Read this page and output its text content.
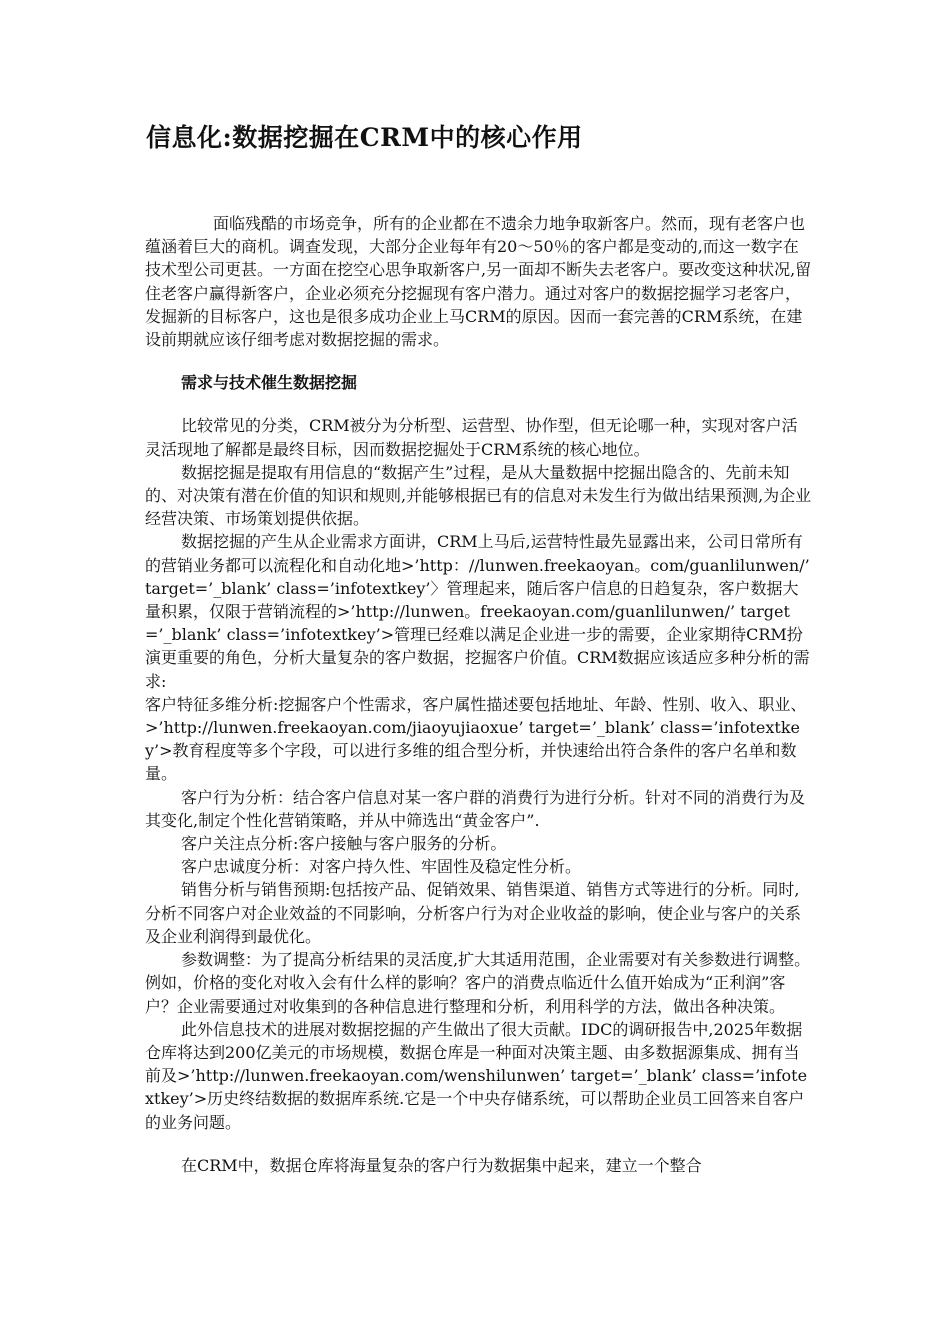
信息化:数据挖掘在CRM中的核心作用

面临残酷的市场竞争，所有的企业都在不遗余力地争取新客户。然而，现有老客户也蕴涵着巨大的商机。调查发现，大部分企业每年有20～50％的客户都是变动的,而这一数字在技术型公司更甚。一方面在挖空心思争取新客户,另一面却不断失去老客户。要改变这种状况,留住老客户赢得新客户，企业必须充分挖掘现有客户潜力。通过对客户的数据挖掘学习老客户，发掘新的目标客户，这也是很多成功企业上马CRM的原因。因而一套完善的CRM系统，在建设前期就应该仔细考虑对数据挖掘的需求。

需求与技术催生数据挖掘

比较常见的分类，CRM被分为分析型、运营型、协作型，但无论哪一种，实现对客户活灵活现地了解都是最终目标，因而数据挖掘处于CRM系统的核心地位。

数据挖掘是提取有用信息的“数据产生”过程，是从大量数据中挖掘出隐含的、先前未知的、对决策有潜在价值的知识和规则,并能够根据已有的信息对未发生行为做出结果预测,为企业经营决策、市场策划提供依据。

数据挖掘的产生从企业需求方面讲，CRM上马后,运营特性最先显露出来，公司日常所有的营销业务都可以流程化和自动化地>’http：//lunwen.freekaoyan。com/guanlilunwen/’ target=’_blank’ class=’infotextkey’〉管理起来，随后客户信息的日趋复杂，客户数据大量积累，仅限于营销流程的>’http://lunwen。freekaoyan.com/guanlilunwen/’ target=’_blank’ class=’infotextkey’>管理已经难以满足企业进一步的需要，企业家期待CRM扮演更重要的角色，分析大量复杂的客户数据，挖掘客户价值。CRM数据应该适应多种分析的需求:

客户特征多维分析:挖掘客户个性需求，客户属性描述要包括地址、年龄、性别、收入、职业、>’http://lunwen.freekaoyan.com/jiaoyujiaoxue’ target=’_blank’ class=’infotextkey’>教育程度等多个字段，可以进行多维的组合型分析，并快速给出符合条件的客户名单和数量。

客户行为分析：结合客户信息对某一客户群的消费行为进行分析。针对不同的消费行为及其变化,制定个性化营销策略，并从中筛选出“黄金客户”.

客户关注点分析:客户接触与客户服务的分析。

客户忠诚度分析：对客户持久性、牢固性及稳定性分析。

销售分析与销售预期:包括按产品、促销效果、销售渠道、销售方式等进行的分析。同时,分析不同客户对企业效益的不同影响，分析客户行为对企业收益的影响，使企业与客户的关系及企业利润得到最优化。

参数调整：为了提高分析结果的灵活度,扩大其适用范围，企业需要对有关参数进行调整。例如，价格的变化对收入会有什么样的影响？客户的消费点临近什么值开始成为“正利润”客户？企业需要通过对收集到的各种信息进行整理和分析，利用科学的方法，做出各种决策。

此外信息技术的进展对数据挖掘的产生做出了很大贡献。IDC的调研报告中,2025年数据仓库将达到200亿美元的市场规模，数据仓库是一种面对决策主题、由多数据源集成、拥有当前及>’http://lunwen.freekaoyan.com/wenshilunwen’ target=’_blank’ class=’infotextkey’>历史终结数据的数据库系统.它是一个中央存储系统，可以帮助企业员工回答来自客户的业务问题。

在CRM中，数据仓库将海量复杂的客户行为数据集中起来，建立一个整合
